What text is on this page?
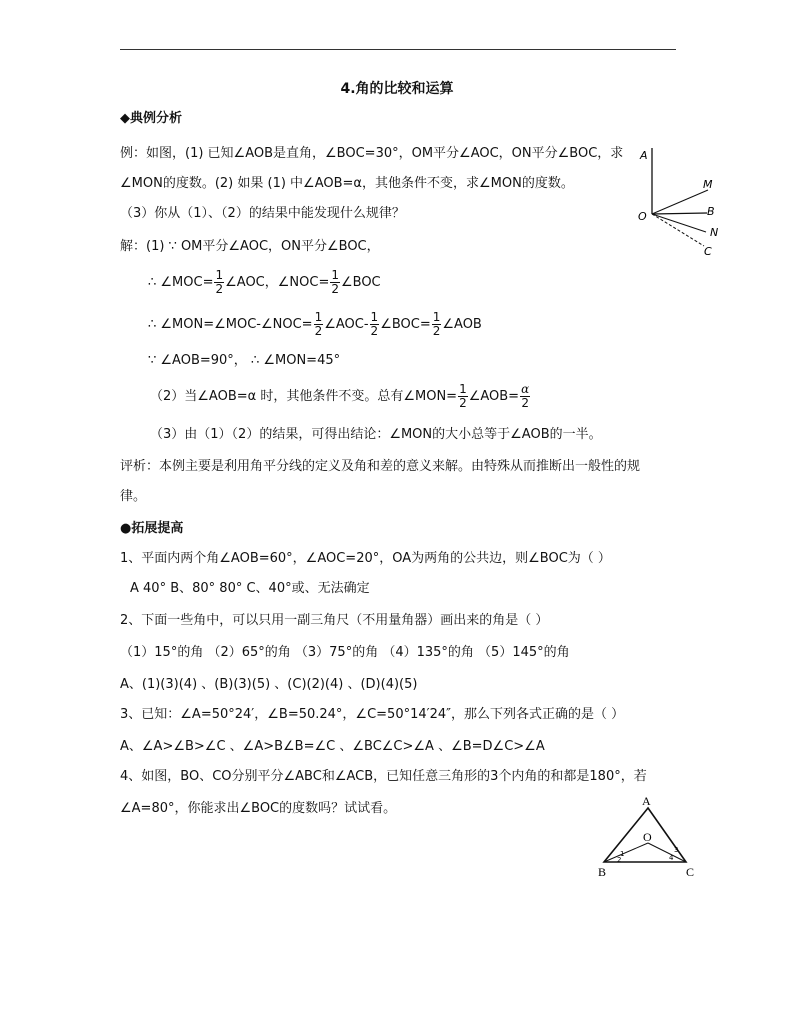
4.角的比较和运算
◆典例分析
例：如图，(1) 已知∠AOB是直角，∠BOC=30°，OM平分∠AOC，ON平分∠BOC，求
∠MON的度数。(2) 如果 (1) 中∠AOB=α，其他条件不变，求∠MON的度数。
（3）你从（1）、（2）的结果中能发现什么规律？
解：(1) ∵ OM平分∠AOC，ON平分∠BOC，
∴ ∠MOC= $\frac{1}{2}$ ∠AOC，∠NOC= $\frac{1}{2}$ ∠BOC
∴ ∠MON=∠MOC-∠NOC= $\frac{1}{2}$ ∠AOC- $\frac{1}{2}$ ∠BOC= $\frac{1}{2}$ ∠AOB
∵ ∠AOB=90°， ∴ ∠MON=45°
（2）当∠AOB=α 时，其他条件不变。总有∠MON= $\frac{1}{2}$ ∠AOB= $\frac{\alpha}{2}$
（3）由（1）（2）的结果，可得出结论：∠MON的大小总等于∠AOB的一半。
评析：本例主要是利用角平分线的定义及角和差的意义来解。由特殊从而推断出一般性的规
律。
●拓展提高
1、平面内两个角∠AOB=60°，∠AOC=20°，OA为两角的公共边，则∠BOC为（ ）
A 40° B、80° 80° C、40°或、无法确定
2、下面一些角中，可以只用一副三角尺（不用量角器）画出来的角是（ ）
（1）15°的角 （2）65°的角 （3）75°的角 （4）135°的角 （5）145°的角
A、(1)(3)(4) 、(B)(3)(5) 、(C)(2)(4) 、(D)(4)(5)
3、已知：∠A=50°24′，∠B=50.24°，∠C=50°14′24″，那么下列各式正确的是（ ）
A、∠A>∠B>∠C 、∠A>B∠B=∠C 、∠BC∠C>∠A 、∠B=D∠C>∠A
4、如图，BO、CO分别平分∠ABC和∠ACB，已知任意三角形的3个内角的和都是180°，若
∠A=80°，你能求出∠BOC的度数吗？试试看。
A
M
O	B
N
C
A
O
B	C
1
2
3
4
